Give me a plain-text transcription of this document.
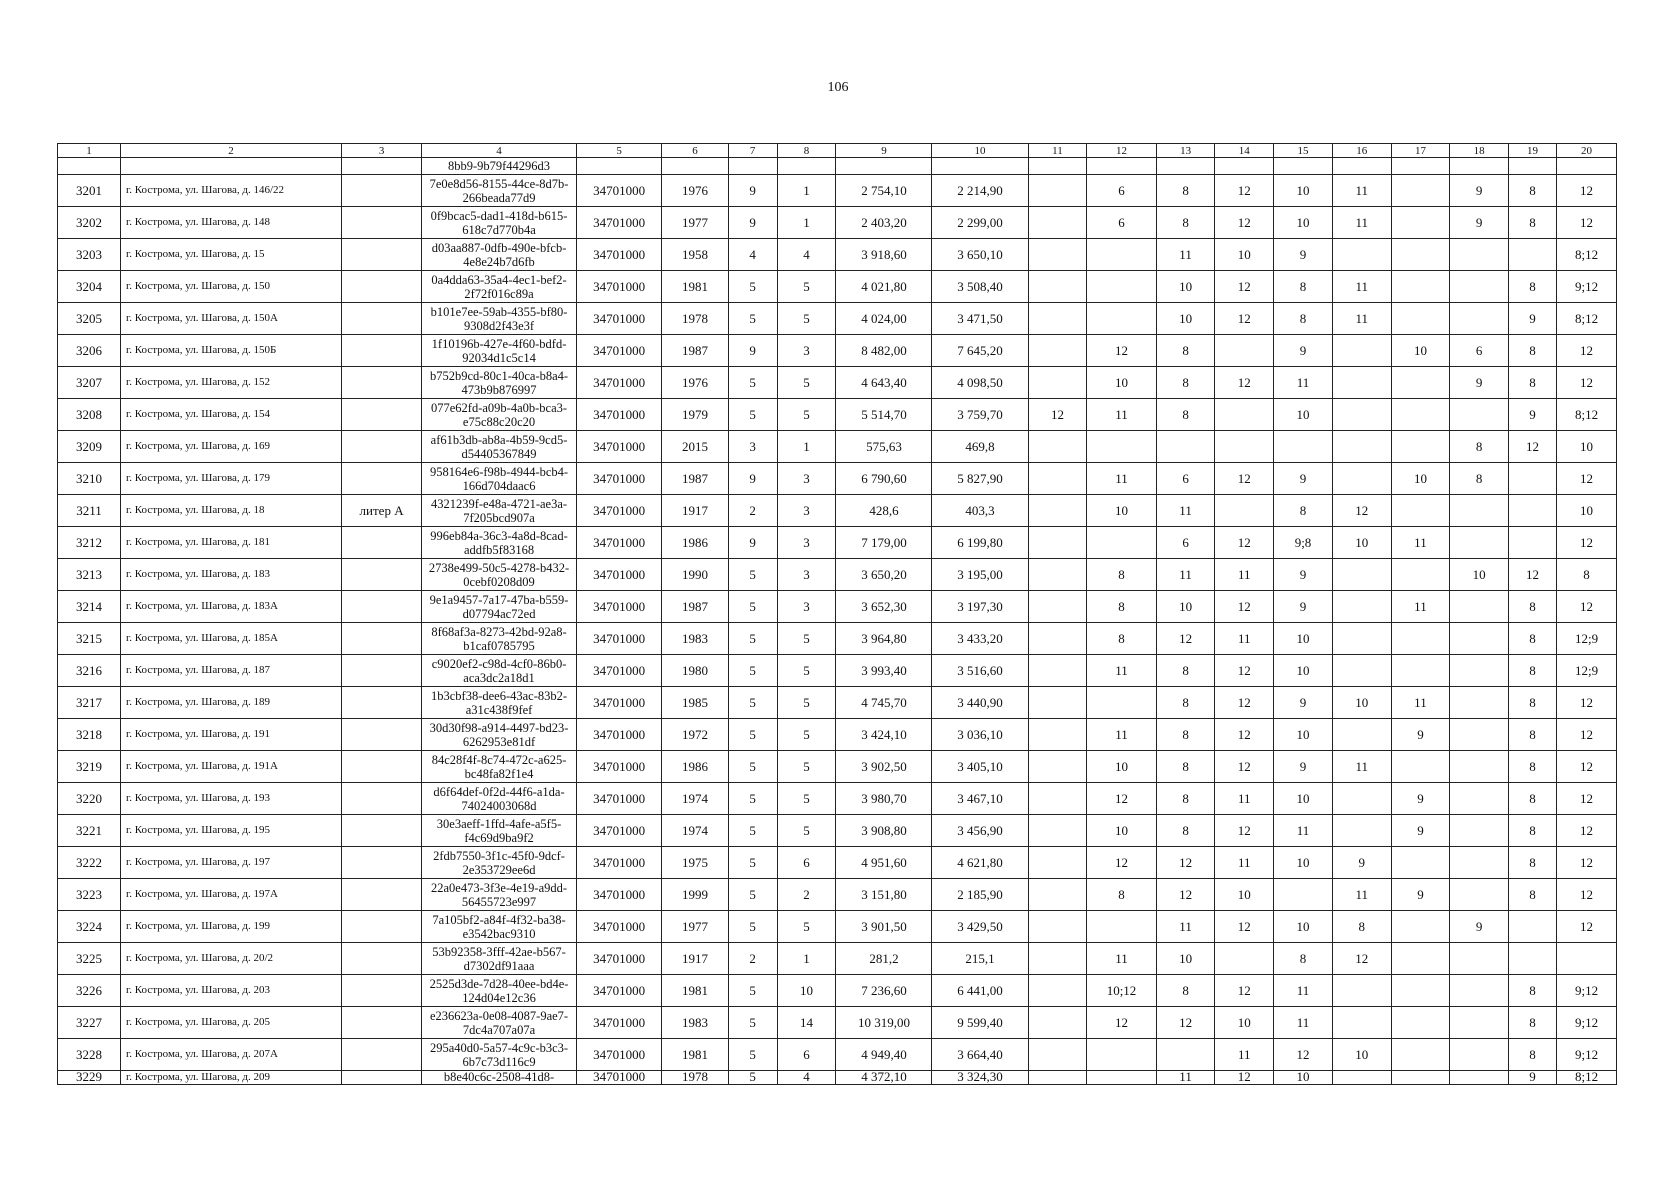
106
1	2	3	4	5	6	7	8	9	10	11	12	13	14	15	16	17	18	19	20
			8bb9-9b79f44296d3																
3201	г. Кострома, ул. Шагова, д. 146/22		7e0e8d56-8155-44ce-8d7b-266beada77d9	34701000	1976	9	1	2 754,10	2 214,90		6	8	12	10	11		9	8	12
3202	г. Кострома, ул. Шагова, д. 148		0f9bcac5-dad1-418d-b615-618c7d770b4a	34701000	1977	9	1	2 403,20	2 299,00		6	8	12	10	11		9	8	12
3203	г. Кострома, ул. Шагова, д. 15		d03aa887-0dfb-490e-bfcb-4e8e24b7d6fb	34701000	1958	4	4	3 918,60	3 650,10			11	10	9					8;12
3204	г. Кострома, ул. Шагова, д. 150		0a4dda63-35a4-4ec1-bef2-2f72f016c89a	34701000	1981	5	5	4 021,80	3 508,40			10	12	8	11			8	9;12
3205	г. Кострома, ул. Шагова, д. 150А		b101e7ee-59ab-4355-bf80-9308d2f43e3f	34701000	1978	5	5	4 024,00	3 471,50			10	12	8	11			9	8;12
3206	г. Кострома, ул. Шагова, д. 150Б		1f10196b-427e-4f60-bdfd-92034d1c5c14	34701000	1987	9	3	8 482,00	7 645,20		12	8		9		10	6	8	12
3207	г. Кострома, ул. Шагова, д. 152		b752b9cd-80c1-40ca-b8a4-473b9b876997	34701000	1976	5	5	4 643,40	4 098,50		10	8	12	11			9	8	12
3208	г. Кострома, ул. Шагова, д. 154		077e62fd-a09b-4a0b-bca3-e75c88c20c20	34701000	1979	5	5	5 514,70	3 759,70	12	11	8		10				9	8;12
3209	г. Кострома, ул. Шагова, д. 169		af61b3db-ab8a-4b59-9cd5-d54405367849	34701000	2015	3	1	575,63	469,8								8	12	10
3210	г. Кострома, ул. Шагова, д. 179		958164e6-f98b-4944-bcb4-166d704daac6	34701000	1987	9	3	6 790,60	5 827,90		11	6	12	9		10	8		12
3211	г. Кострома, ул. Шагова, д. 18	литер А	4321239f-e48a-4721-ae3a-7f205bcd907a	34701000	1917	2	3	428,6	403,3		10	11		8	12				10
3212	г. Кострома, ул. Шагова, д. 181		996eb84a-36c3-4a8d-8cad-addfb5f83168	34701000	1986	9	3	7 179,00	6 199,80			6	12	9;8	10	11			12
3213	г. Кострома, ул. Шагова, д. 183		2738e499-50c5-4278-b432-0cebf0208d09	34701000	1990	5	3	3 650,20	3 195,00		8	11	11	9			10	12	8
3214	г. Кострома, ул. Шагова, д. 183А		9e1a9457-7a17-47ba-b559-d07794ac72ed	34701000	1987	5	3	3 652,30	3 197,30		8	10	12	9		11		8	12
3215	г. Кострома, ул. Шагова, д. 185А		8f68af3a-8273-42bd-92a8-b1caf0785795	34701000	1983	5	5	3 964,80	3 433,20		8	12	11	10				8	12;9
3216	г. Кострома, ул. Шагова, д. 187		c9020ef2-c98d-4cf0-86b0-aca3dc2a18d1	34701000	1980	5	5	3 993,40	3 516,60		11	8	12	10				8	12;9
3217	г. Кострома, ул. Шагова, д. 189		1b3cbf38-dee6-43ac-83b2-a31c438f9fef	34701000	1985	5	5	4 745,70	3 440,90			8	12	9	10	11		8	12
3218	г. Кострома, ул. Шагова, д. 191		30d30f98-a914-4497-bd23-6262953e81df	34701000	1972	5	5	3 424,10	3 036,10		11	8	12	10		9		8	12
3219	г. Кострома, ул. Шагова, д. 191А		84c28f4f-8c74-472c-a625-bc48fa82f1e4	34701000	1986	5	5	3 902,50	3 405,10		10	8	12	9	11			8	12
3220	г. Кострома, ул. Шагова, д. 193		d6f64def-0f2d-44f6-a1da-74024003068d	34701000	1974	5	5	3 980,70	3 467,10		12	8	11	10		9		8	12
3221	г. Кострома, ул. Шагова, д. 195		30e3aeff-1ffd-4afe-a5f5-f4c69d9ba9f2	34701000	1974	5	5	3 908,80	3 456,90		10	8	12	11		9		8	12
3222	г. Кострома, ул. Шагова, д. 197		2fdb7550-3f1c-45f0-9dcf-2e353729ee6d	34701000	1975	5	6	4 951,60	4 621,80		12	12	11	10	9			8	12
3223	г. Кострома, ул. Шагова, д. 197А		22a0e473-3f3e-4e19-a9dd-56455723e997	34701000	1999	5	2	3 151,80	2 185,90		8	12	10		11	9		8	12
3224	г. Кострома, ул. Шагова, д. 199		7a105bf2-a84f-4f32-ba38-e3542bac9310	34701000	1977	5	5	3 901,50	3 429,50			11	12	10	8		9		12
3225	г. Кострома, ул. Шагова, д. 20/2		53b92358-3fff-42ae-b567-d7302df91aaa	34701000	1917	2	1	281,2	215,1		11	10		8	12				
3226	г. Кострома, ул. Шагова, д. 203		2525d3de-7d28-40ee-bd4e-124d04e12c36	34701000	1981	5	10	7 236,60	6 441,00		10;12	8	12	11				8	9;12
3227	г. Кострома, ул. Шагова, д. 205		e236623a-0e08-4087-9ae7-7dc4a707a07a	34701000	1983	5	14	10 319,00	9 599,40		12	12	10	11				8	9;12
3228	г. Кострома, ул. Шагова, д. 207А		295a40d0-5a57-4c9c-b3c3-6b7c73d116c9	34701000	1981	5	6	4 949,40	3 664,40				11	12	10			8	9;12
3229	г. Кострома, ул. Шагова, д. 209		b8e40c6c-2508-41d8-	34701000	1978	5	4	4 372,10	3 324,30			11	12	10				9	8;12
